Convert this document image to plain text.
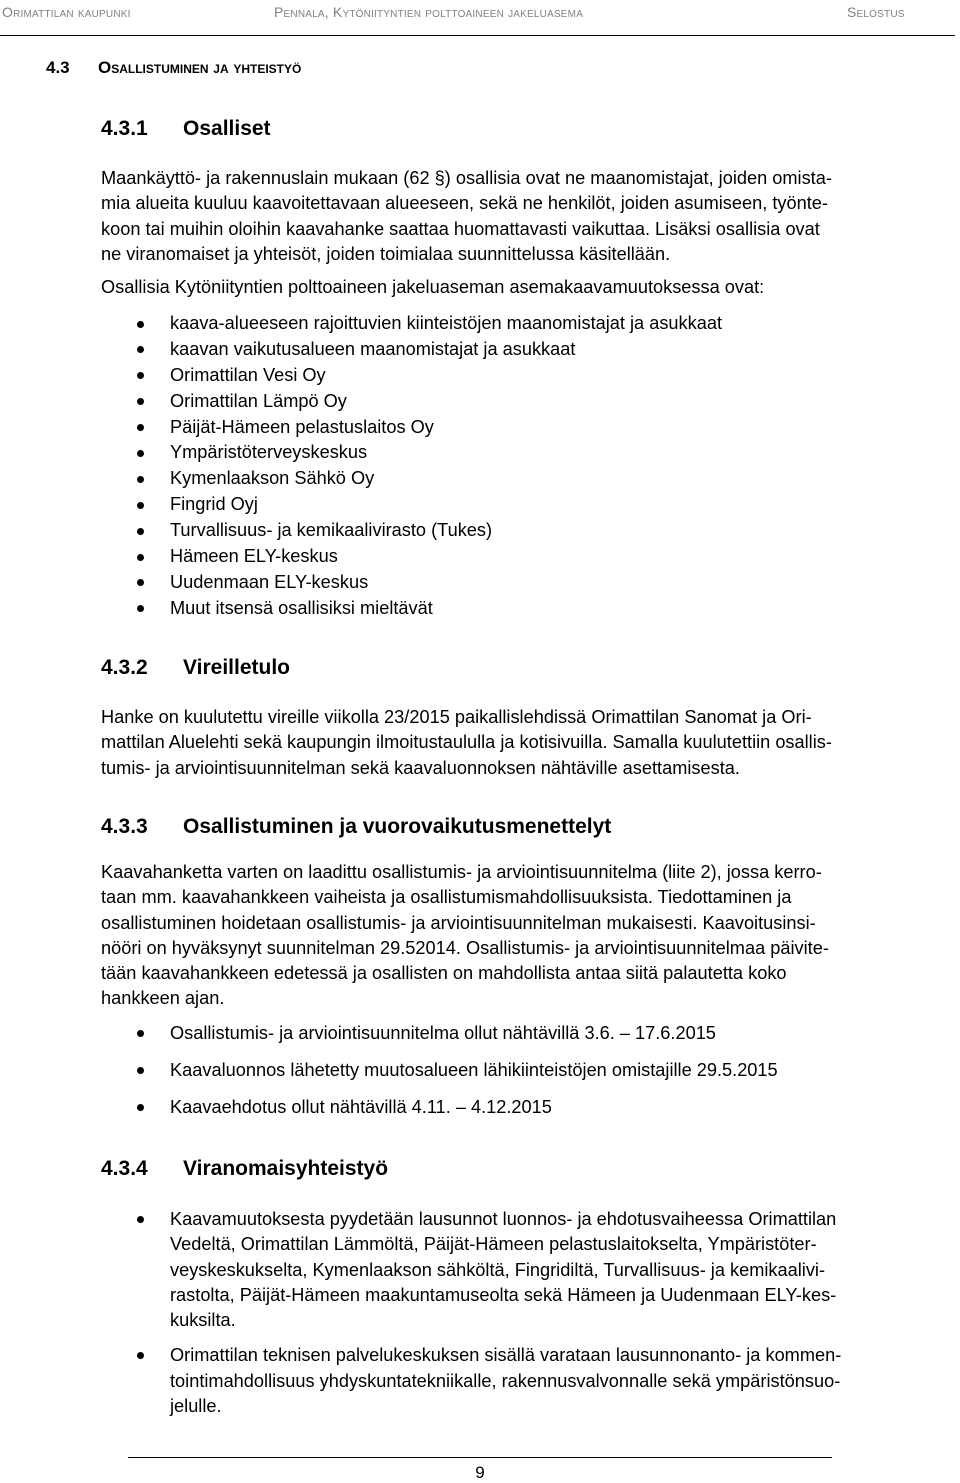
Orimattilan kaupunki	Pennala, Kytöniityntien polttoaineen jakeluasema	Selostus
4.3 Osallistuminen ja yhteistyö
4.3.1 Osalliset
Maankäyttö- ja rakennuslain mukaan (62 §) osallisia ovat ne maanomistajat, joiden omista-
mia alueita kuuluu kaavoitettavaan alueeseen, sekä ne henkilöt, joiden asumiseen, työnte-
koon tai muihin oloihin kaavahanke saattaa huomattavasti vaikuttaa. Lisäksi osallisia ovat
ne viranomaiset ja yhteisöt, joiden toimialaa suunnittelussa käsitellään.
Osallisia Kytöniityntien polttoaineen jakeluaseman asemakaavamuutoksessa ovat:
kaava-alueeseen rajoittuvien kiinteistöjen maanomistajat ja asukkaat
kaavan vaikutusalueen maanomistajat ja asukkaat
Orimattilan Vesi Oy
Orimattilan Lämpö Oy
Päijät-Hämeen pelastuslaitos Oy
Ympäristöterveyskeskus
Kymenlaakson Sähkö Oy
Fingrid Oyj
Turvallisuus- ja kemikaalivirasto (Tukes)
Hämeen ELY-keskus
Uudenmaan ELY-keskus
Muut itsensä osallisiksi mieltävät
4.3.2 Vireilletulo
Hanke on kuulutettu vireille viikolla 23/2015 paikallislehdissä Orimattilan Sanomat ja Ori-
mattilan Aluelehti sekä kaupungin ilmoitustaululla ja kotisivuilla. Samalla kuulutettiin osallis-
tumis- ja arviointisuunnitelman sekä kaavaluonnoksen nähtäville asettamisesta.
4.3.3 Osallistuminen ja vuorovaikutusmenettelyt
Kaavahanketta varten on laadittu osallistumis- ja arviointisuunnitelma (liite 2), jossa kerro-
taan mm. kaavahankkeen vaiheista ja osallistumismahdollisuuksista. Tiedottaminen ja
osallistuminen hoidetaan osallistumis- ja arviointisuunnitelman mukaisesti. Kaavoitusinsi-
nööri on hyväksynyt suunnitelman 29.52014. Osallistumis- ja arviointisuunnitelmaa päivite-
tään kaavahankkeen edetessä ja osallisten on mahdollista antaa siitä palautetta koko
hankkeen ajan.
Osallistumis- ja arviointisuunnitelma ollut nähtävillä 3.6. – 17.6.2015
Kaavaluonnos lähetetty muutosalueen lähikiinteistöjen omistajille 29.5.2015
Kaavaehdotus ollut nähtävillä 4.11. – 4.12.2015
4.3.4 Viranomaisyhteistyö
Kaavamuutoksesta pyydetään lausunnot luonnos- ja ehdotusvaiheessa Orimattilan
Vedeltä, Orimattilan Lämmöltä, Päijät-Hämeen pelastuslaitokselta, Ympäristöter-
veyskeskukselta, Kymenlaakson sähköltä, Fingridiltä, Turvallisuus- ja kemikaalivi-
rastolta, Päijät-Hämeen maakuntamuseolta sekä Hämeen ja Uudenmaan ELY-kes-
kuksilta.
Orimattilan teknisen palvelukeskuksen sisällä varataan lausunnonanto- ja kommen-
tointimahdollisuus yhdyskuntatekniikalle, rakennusvalvonnalle sekä ympäristönsuo-
jelulle.
9
